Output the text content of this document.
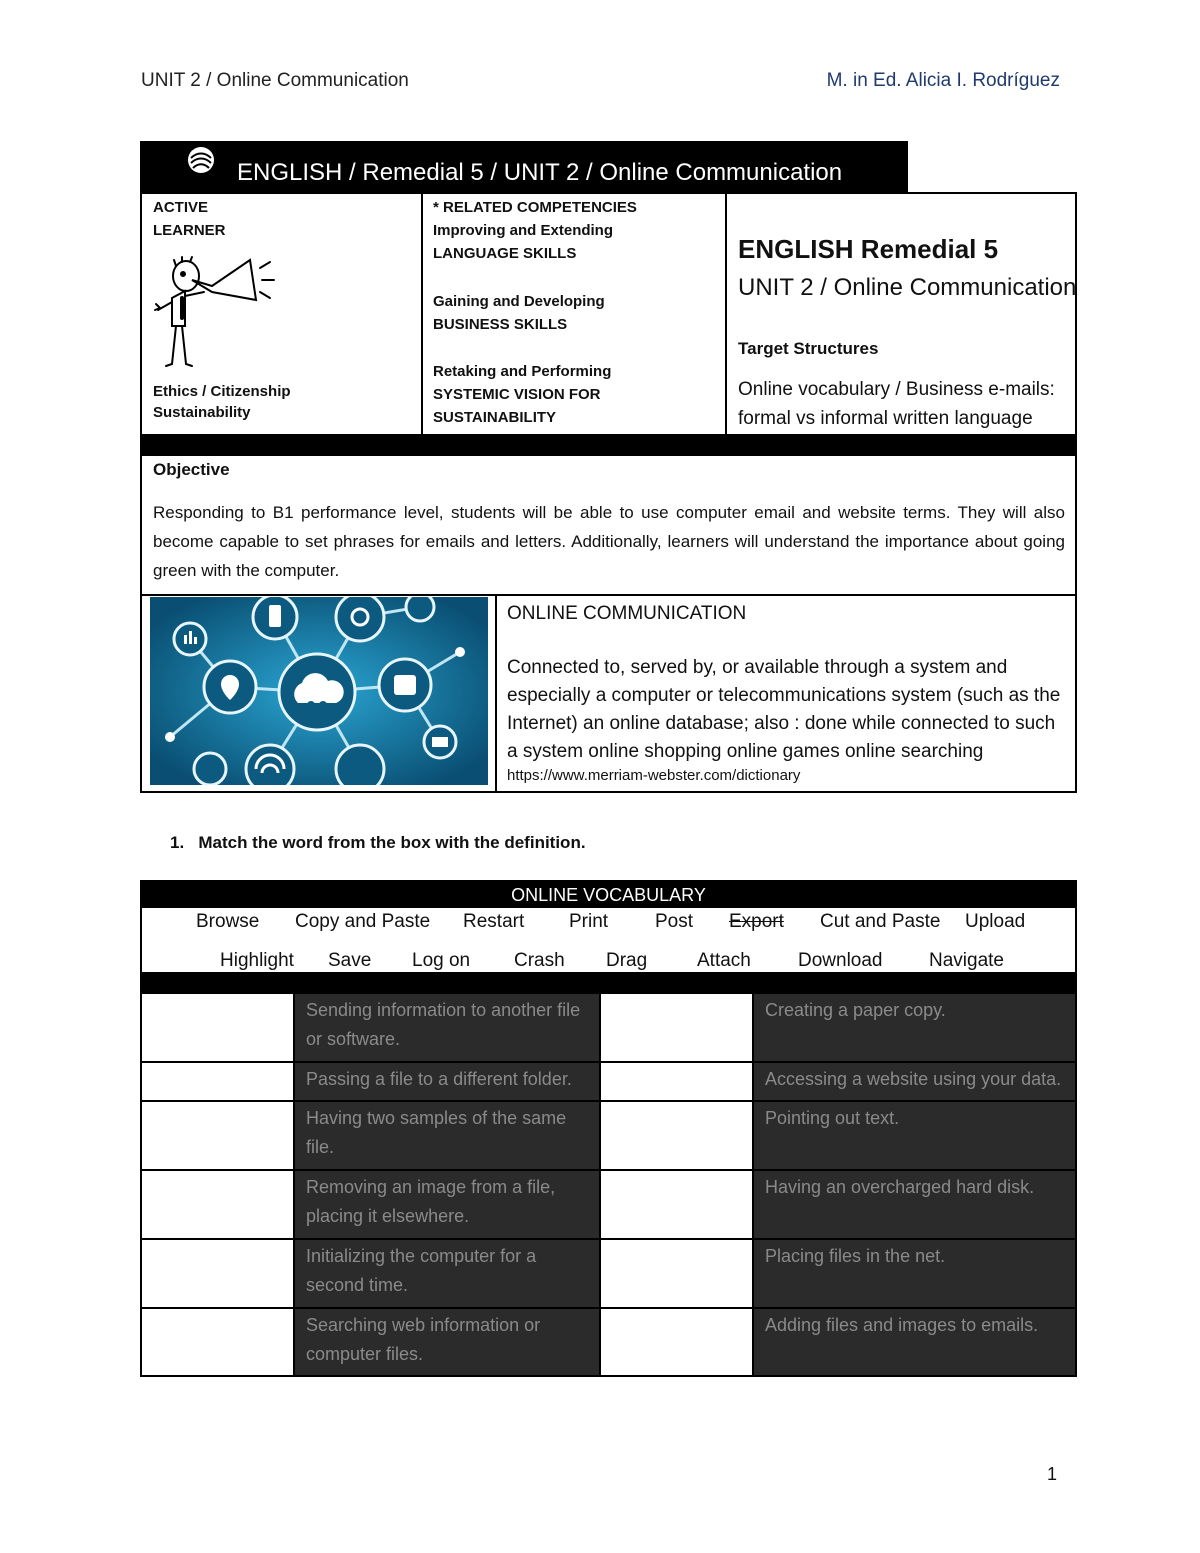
UNIT 2 / Online Communication	M. in Ed. Alicia I. Rodríguez
ENGLISH / Remedial 5 / UNIT 2 / Online Communication
ACTIVE
LEARNER
Ethics / Citizenship
Sustainability
* RELATED COMPETENCIES
Improving and Extending
LANGUAGE SKILLS
Gaining and Developing
BUSINESS SKILLS
Retaking and Performing
SYSTEMIC VISION FOR
SUSTAINABILITY
ENGLISH Remedial 5
UNIT 2 / Online Communication
Target Structures
Online vocabulary / Business e-mails:
formal vs informal written language
Objective
Responding to B1 performance level, students will be able to use computer email and website terms. They will also become capable to set phrases for emails and letters. Additionally, learners will understand the importance about going green with the computer.
ONLINE COMMUNICATION
Connected to, served by, or available through a system and especially a computer or telecommunications system (such as the Internet) an online database; also : done while connected to such a system online shopping online games online searching
https://www.merriam-webster.com/dictionary
1.   Match the word from the box with the definition.
ONLINE VOCABULARY
Browse Copy and Paste Restart Print Post Export Cut and Paste Upload
Highlight Save Log on Crash Drag	Attach Download Navigate
	Sending information to another file or software.		Creating a paper copy.
	Passing a file to a different folder.		Accessing a website using your data.
	Having two samples of the same file.		Pointing out text.
	Removing an image from a file, placing it elsewhere.		Having an overcharged hard disk.
	Initializing the computer for a second time.		Placing files in the net.
	Searching web information or computer files.		Adding files and images to emails.
1
